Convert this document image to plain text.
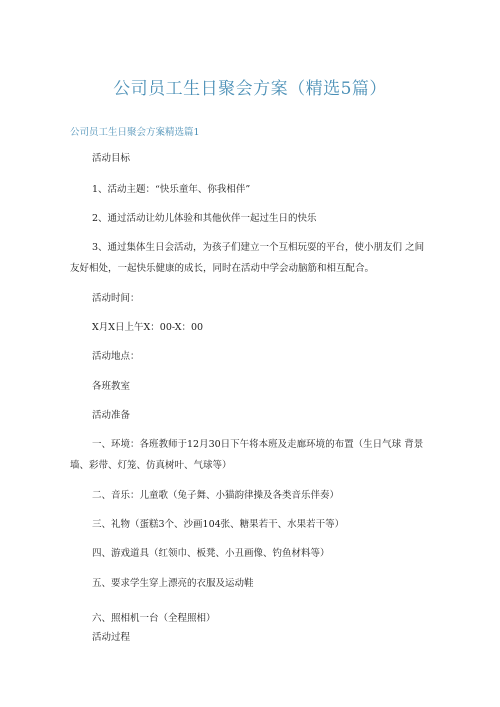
公司员工生日聚会方案（精选5篇）
公司员工生日聚会方案精选篇1
活动目标
1、活动主题：“快乐童年、你我相伴”
2、通过活动让幼儿体验和其他伙伴一起过生日的快乐
3、通过集体生日会活动，为孩子们建立一个互相玩耍的平台，使小朋友们 之间
友好相处，一起快乐健康的成长，同时在活动中学会动脑筋和相互配合。
活动时间：
X月X日上午X：00-X：00
活动地点：
各班教室
活动准备
一、环境：各班教师于12月30日下午将本班及走廊环境的布置（生日气球 背景
墙、彩带、灯笼、仿真树叶、气球等）
二、音乐：儿童歌（兔子舞、小猫韵律操及各类音乐伴奏）
三、礼物（蛋糕3个、沙画104张、糖果若干、水果若干等）
四、游戏道具（红领巾、板凳、小丑画像、钓鱼材料等）
五、要求学生穿上漂亮的衣服及运动鞋
六、照相机一台（全程照相）
活动过程
